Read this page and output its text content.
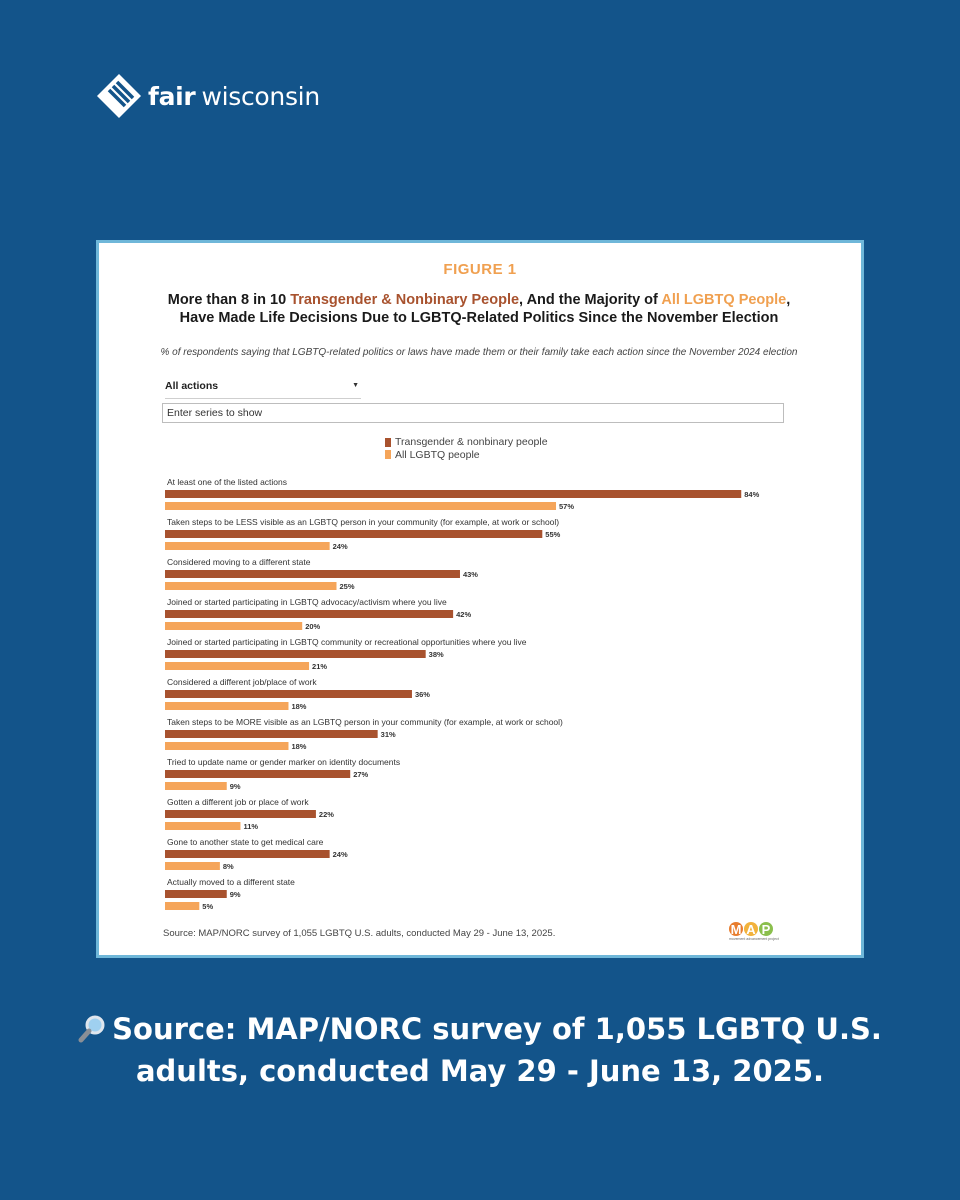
fair wisconsin
FIGURE 1
More than 8 in 10 Transgender & Nonbinary People, And the Majority of All LGBTQ People, Have Made Life Decisions Due to LGBTQ-Related Politics Since the November Election
% of respondents saying that LGBTQ-related politics or laws have made them or their family take each action since the November 2024 election
All actions	▼
Enter series to show
Transgender & nonbinary people
All LGBTQ people
At least one of the listed actions
84%
57%
Taken steps to be LESS visible as an LGBTQ person in your community (for example, at work or school)
55%
24%
Considered moving to a different state
43%
25%
Joined or started participating in LGBTQ advocacy/activism where you live
42%
20%
Joined or started participating in LGBTQ community or recreational opportunities where you live
38%
21%
Considered a different job/place of work
36%
18%
Taken steps to be MORE visible as an LGBTQ person in your community (for example, at work or school)
31%
18%
Tried to update name or gender marker on identity documents
27%
9%
Gotten a different job or place of work
22%
11%
Gone to another state to get medical care
24%
8%
Actually moved to a different state
9%
5%
Source: MAP/NORC survey of 1,055 LGBTQ U.S. adults, conducted May 29 - June 13, 2025.	M A P
movement advancement project
Source: MAP/NORC survey of 1,055 LGBTQ U.S. adults, conducted May 29 - June 13, 2025.
